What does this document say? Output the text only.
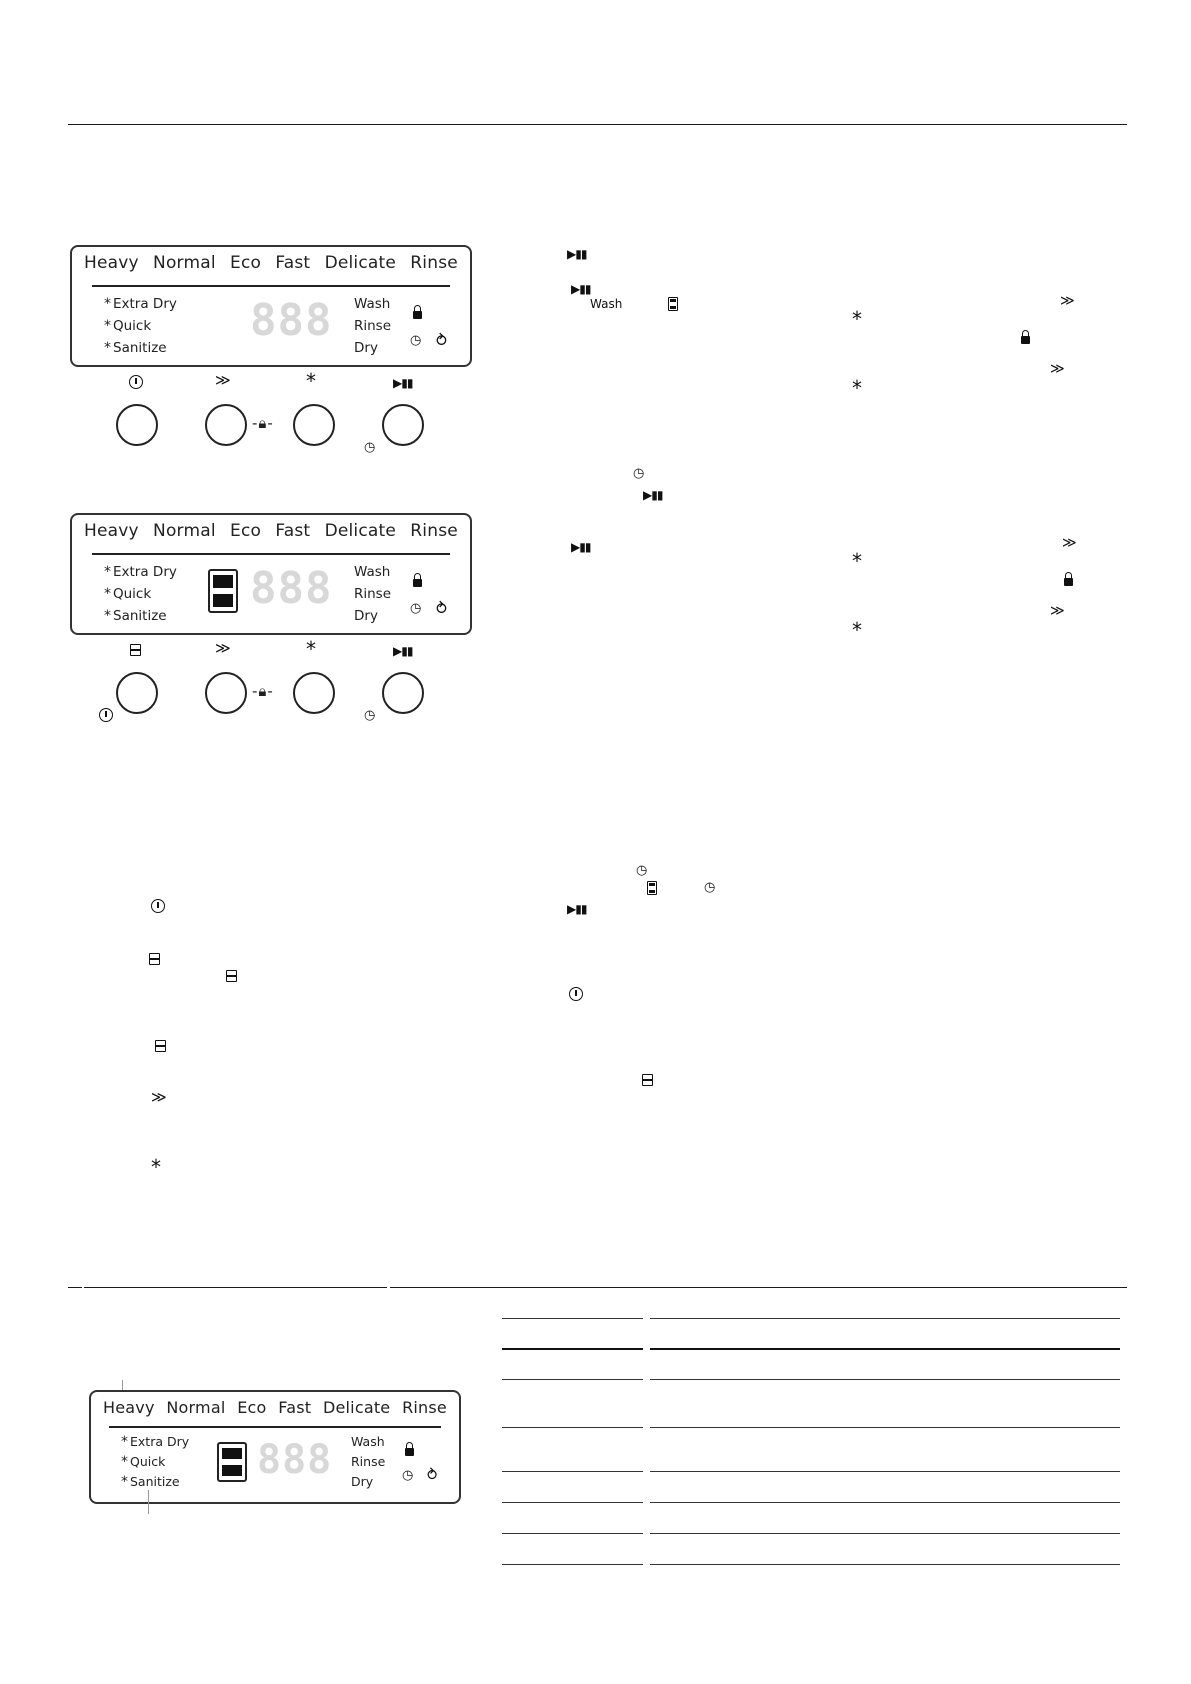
Heavy Normal Eco Fast Delicate Rinse
* Extra Dry
* Quick
* Sanitize
888 Wash
Rinse
Dry	◷ ⥁
≫	*	▶▮▮
-🔒︎-
◷
Heavy Normal Eco Fast Delicate Rinse
* Extra Dry
* Quick
* Sanitize
888 Wash
Rinse
Dry	◷ ⥁
≫	*	▶▮▮
-🔒︎-
◷
≫
*
▶▮▮
▶▮▮
Wash	≫
*
≫
*
◷
▶▮▮
▶▮▮	≫
*
≫
*
◷
◷
▶▮▮
Heavy Normal Eco Fast Delicate Rinse
* Extra Dry
* Quick
* Sanitize 888 Wash
Rinse
Dry	◷ ⥁
